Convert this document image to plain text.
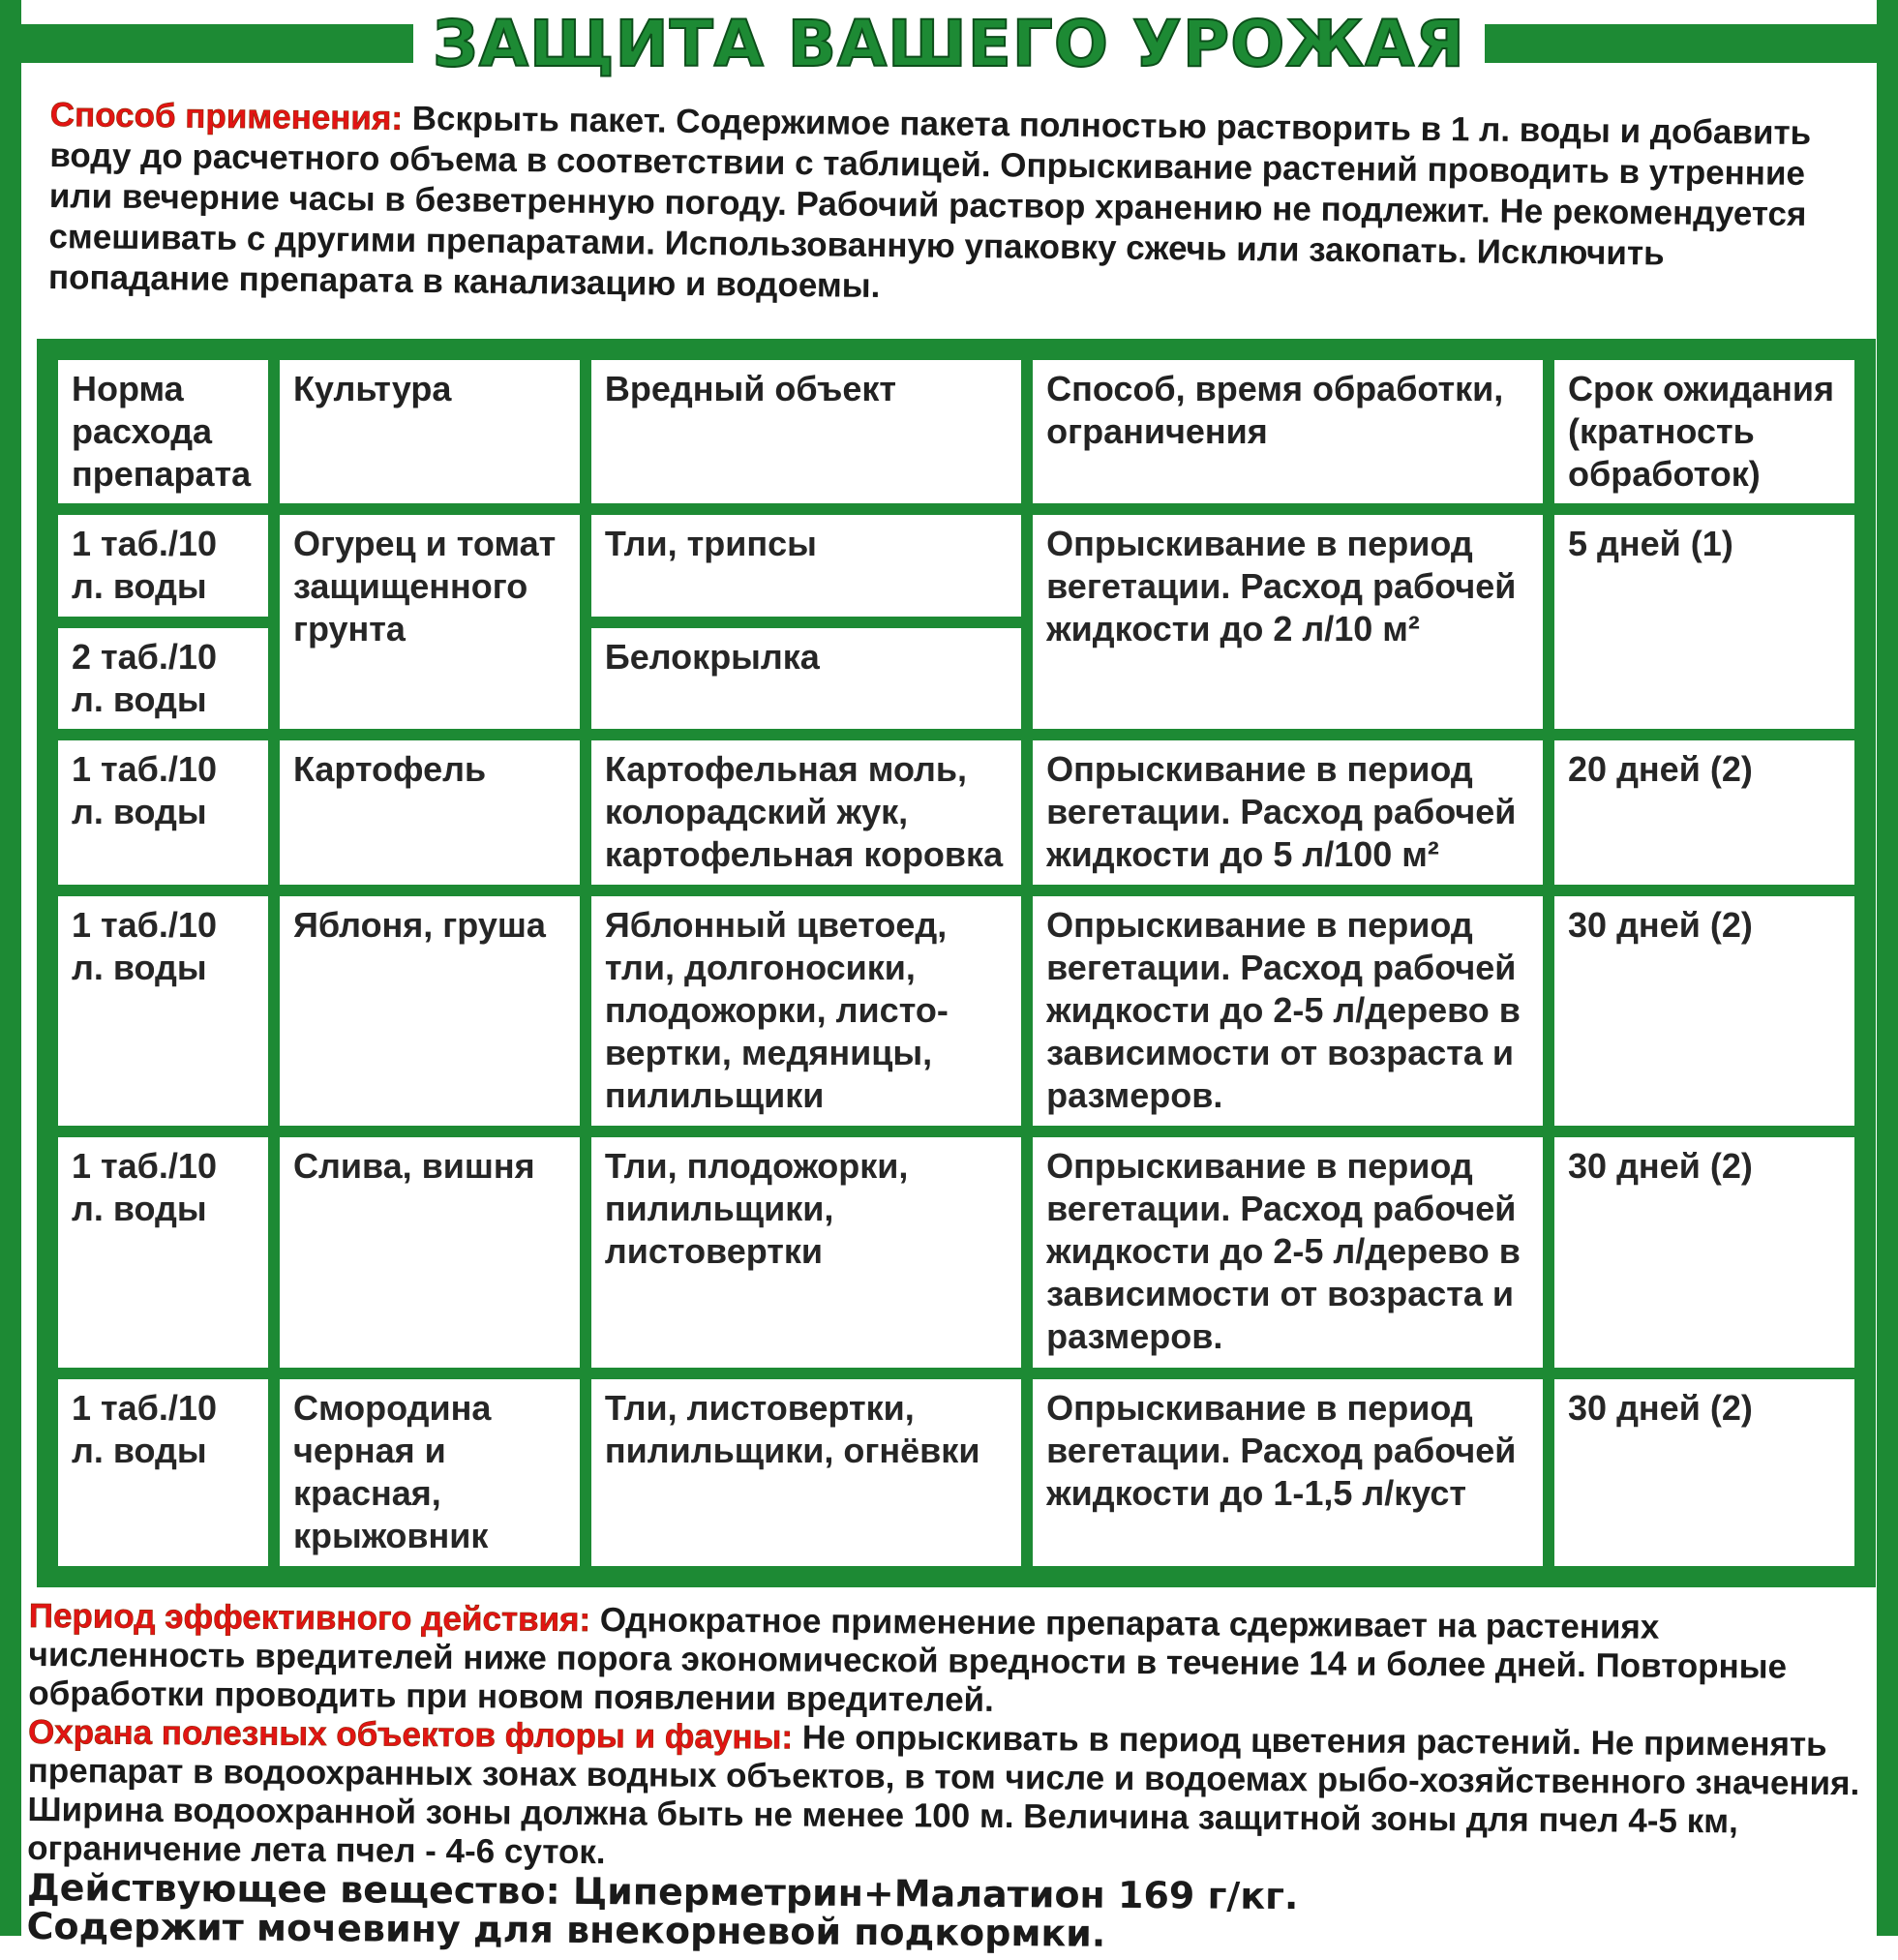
ЗАЩИТА ВАШЕГО УРОЖАЯ
Способ применения: Вскрыть пакет. Содержимое пакета полностью растворить в 1 л. воды и добавить воду до расчетного объема в соответствии с таблицей. Опрыскивание растений проводить в утренние или вечерние часы в безветренную погоду. Рабочий раствор хранению не подлежит. Не рекомендуется смешивать с другими препаратами. Использованную упаковку сжечь или закопать. Исключить попадание препарата в канализацию и водоемы.
Норма расхода препарата	Культура	Вредный объект	Способ, время обработки, ограничения	Срок ожидания (кратность обработок)
1 таб./10 л. воды	Огурец и томат защищенного грунта	Тли, трипсы	Опрыскивание в период вегетации. Расход рабочей жидкости до 2 л/10 м²	5 дней (1)
2 таб./10 л. воды		Белокрылка		
1 таб./10 л. воды	Картофель	Картофельная моль, колорадский жук, картофельная коровка	Опрыскивание в период вегетации. Расход рабочей жидкости до 5 л/100 м²	20 дней (2)
1 таб./10 л. воды	Яблоня, груша	Яблонный цветоед, тли, долгоносики, плодожорки, листо-вертки, медяницы, пилильщики	Опрыскивание в период вегетации. Расход рабочей жидкости до 2-5 л/дерево в зависимости от возраста и размеров.	30 дней (2)
1 таб./10 л. воды	Слива, вишня	Тли, плодожорки, пилильщики, листовертки	Опрыскивание в период вегетации. Расход рабочей жидкости до 2-5 л/дерево в зависимости от возраста и размеров.	30 дней (2)
1 таб./10 л. воды	Смородина черная и красная, крыжовник	Тли, листовертки, пилильщики, огнёвки	Опрыскивание в период вегетации. Расход рабочей жидкости до 1-1,5 л/куст	30 дней (2)

Период эффективного действия: Однократное применение препарата сдерживает на растениях численность вредителей ниже порога экономической вредности в течение 14 и более дней. Повторные обработки проводить при новом появлении вредителей.

Охрана полезных объектов флоры и фауны: Не опрыскивать в период цветения растений. Не применять препарат в водоохранных зонах водных объектов, в том числе и водоемах рыбо-хозяйственного значения. Ширина водоохранной зоны должна быть не менее 100 м. Величина защитной зоны для пчел 4-5 км, ограничение лета пчел - 4-6 суток.

Действующее вещество: Циперметрин+Малатион 169 г/кг.

Содержит мочевину для внекорневой подкормки.
